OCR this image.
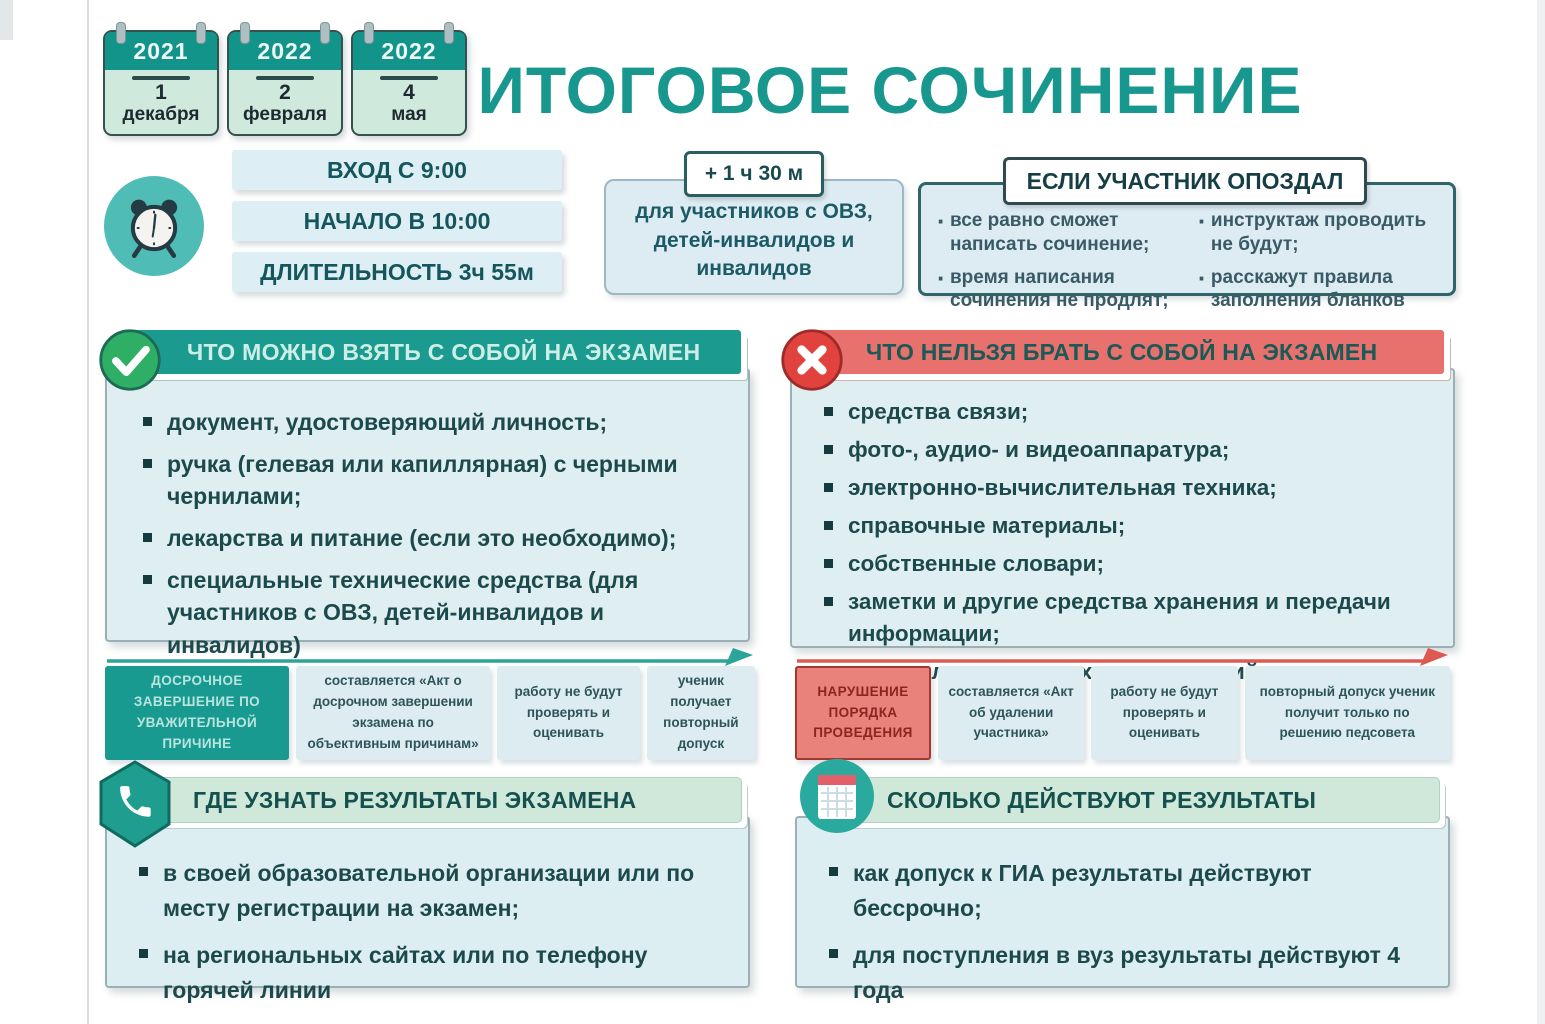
2021
1
декабря
2022
2
февраля
2022
4
мая ИТОГОВОЕ СОЧИНЕНИЕ
ВХОД С 9:00
НАЧАЛО В 10:00
ДЛИТЕЛЬНОСТЬ 3ч 55м
+ 1 ч 30 м
для участников с ОВЗ, детей-инвалидов и инвалидов
ЕСЛИ УЧАСТНИК ОПОЗДАЛ
· все равно сможет написать сочинение;
· время написания сочинения не продлят;
· инструктаж проводить не будут;
· расскажут правила заполнения бланков
ЧТО МОЖНО ВЗЯТЬ С СОБОЙ НА ЭКЗАМЕН
документ, удостоверяющий личность;
ручка (гелевая или капиллярная) с черными чернилами;
лекарства и питание (если это необходимо);
специальные технические средства (для участников с ОВЗ, детей-инвалидов и инвалидов)
ЧТО НЕЛЬЗЯ БРАТЬ С СОБОЙ НА ЭКЗАМЕН
средства связи;
фото-, аудио- и видеоаппаратура;
электронно-вычислительная техника;
справочные материалы;
собственные словари;
заметки и другие средства хранения и передачи информации;
ДОСРОЧНОЕ ЗАВЕРШЕНИЕ ПО УВАЖИТЕЛЬНОЙ ПРИЧИНЕ
составляется «Акт о досрочном завершении экзамена по объективным причинам»
работу не будут проверять и оценивать
ученик получает повторный допуск
НАРУШЕНИЕ ПОРЯДКА ПРОВЕДЕНИЯ
составляется «Акт об удалении участника»
работу не будут проверять и оценивать
повторный допуск ученик получит только по решению педсовета
ГДЕ УЗНАТЬ РЕЗУЛЬТАТЫ ЭКЗАМЕНА
в своей образовательной организации или по месту регистрации на экзамен;
на региональных сайтах или по телефону горячей линии
СКОЛЬКО ДЕЙСТВУЮТ РЕЗУЛЬТАТЫ
как допуск к ГИА результаты действуют бессрочно;
для поступления в вуз результаты действуют 4 года
